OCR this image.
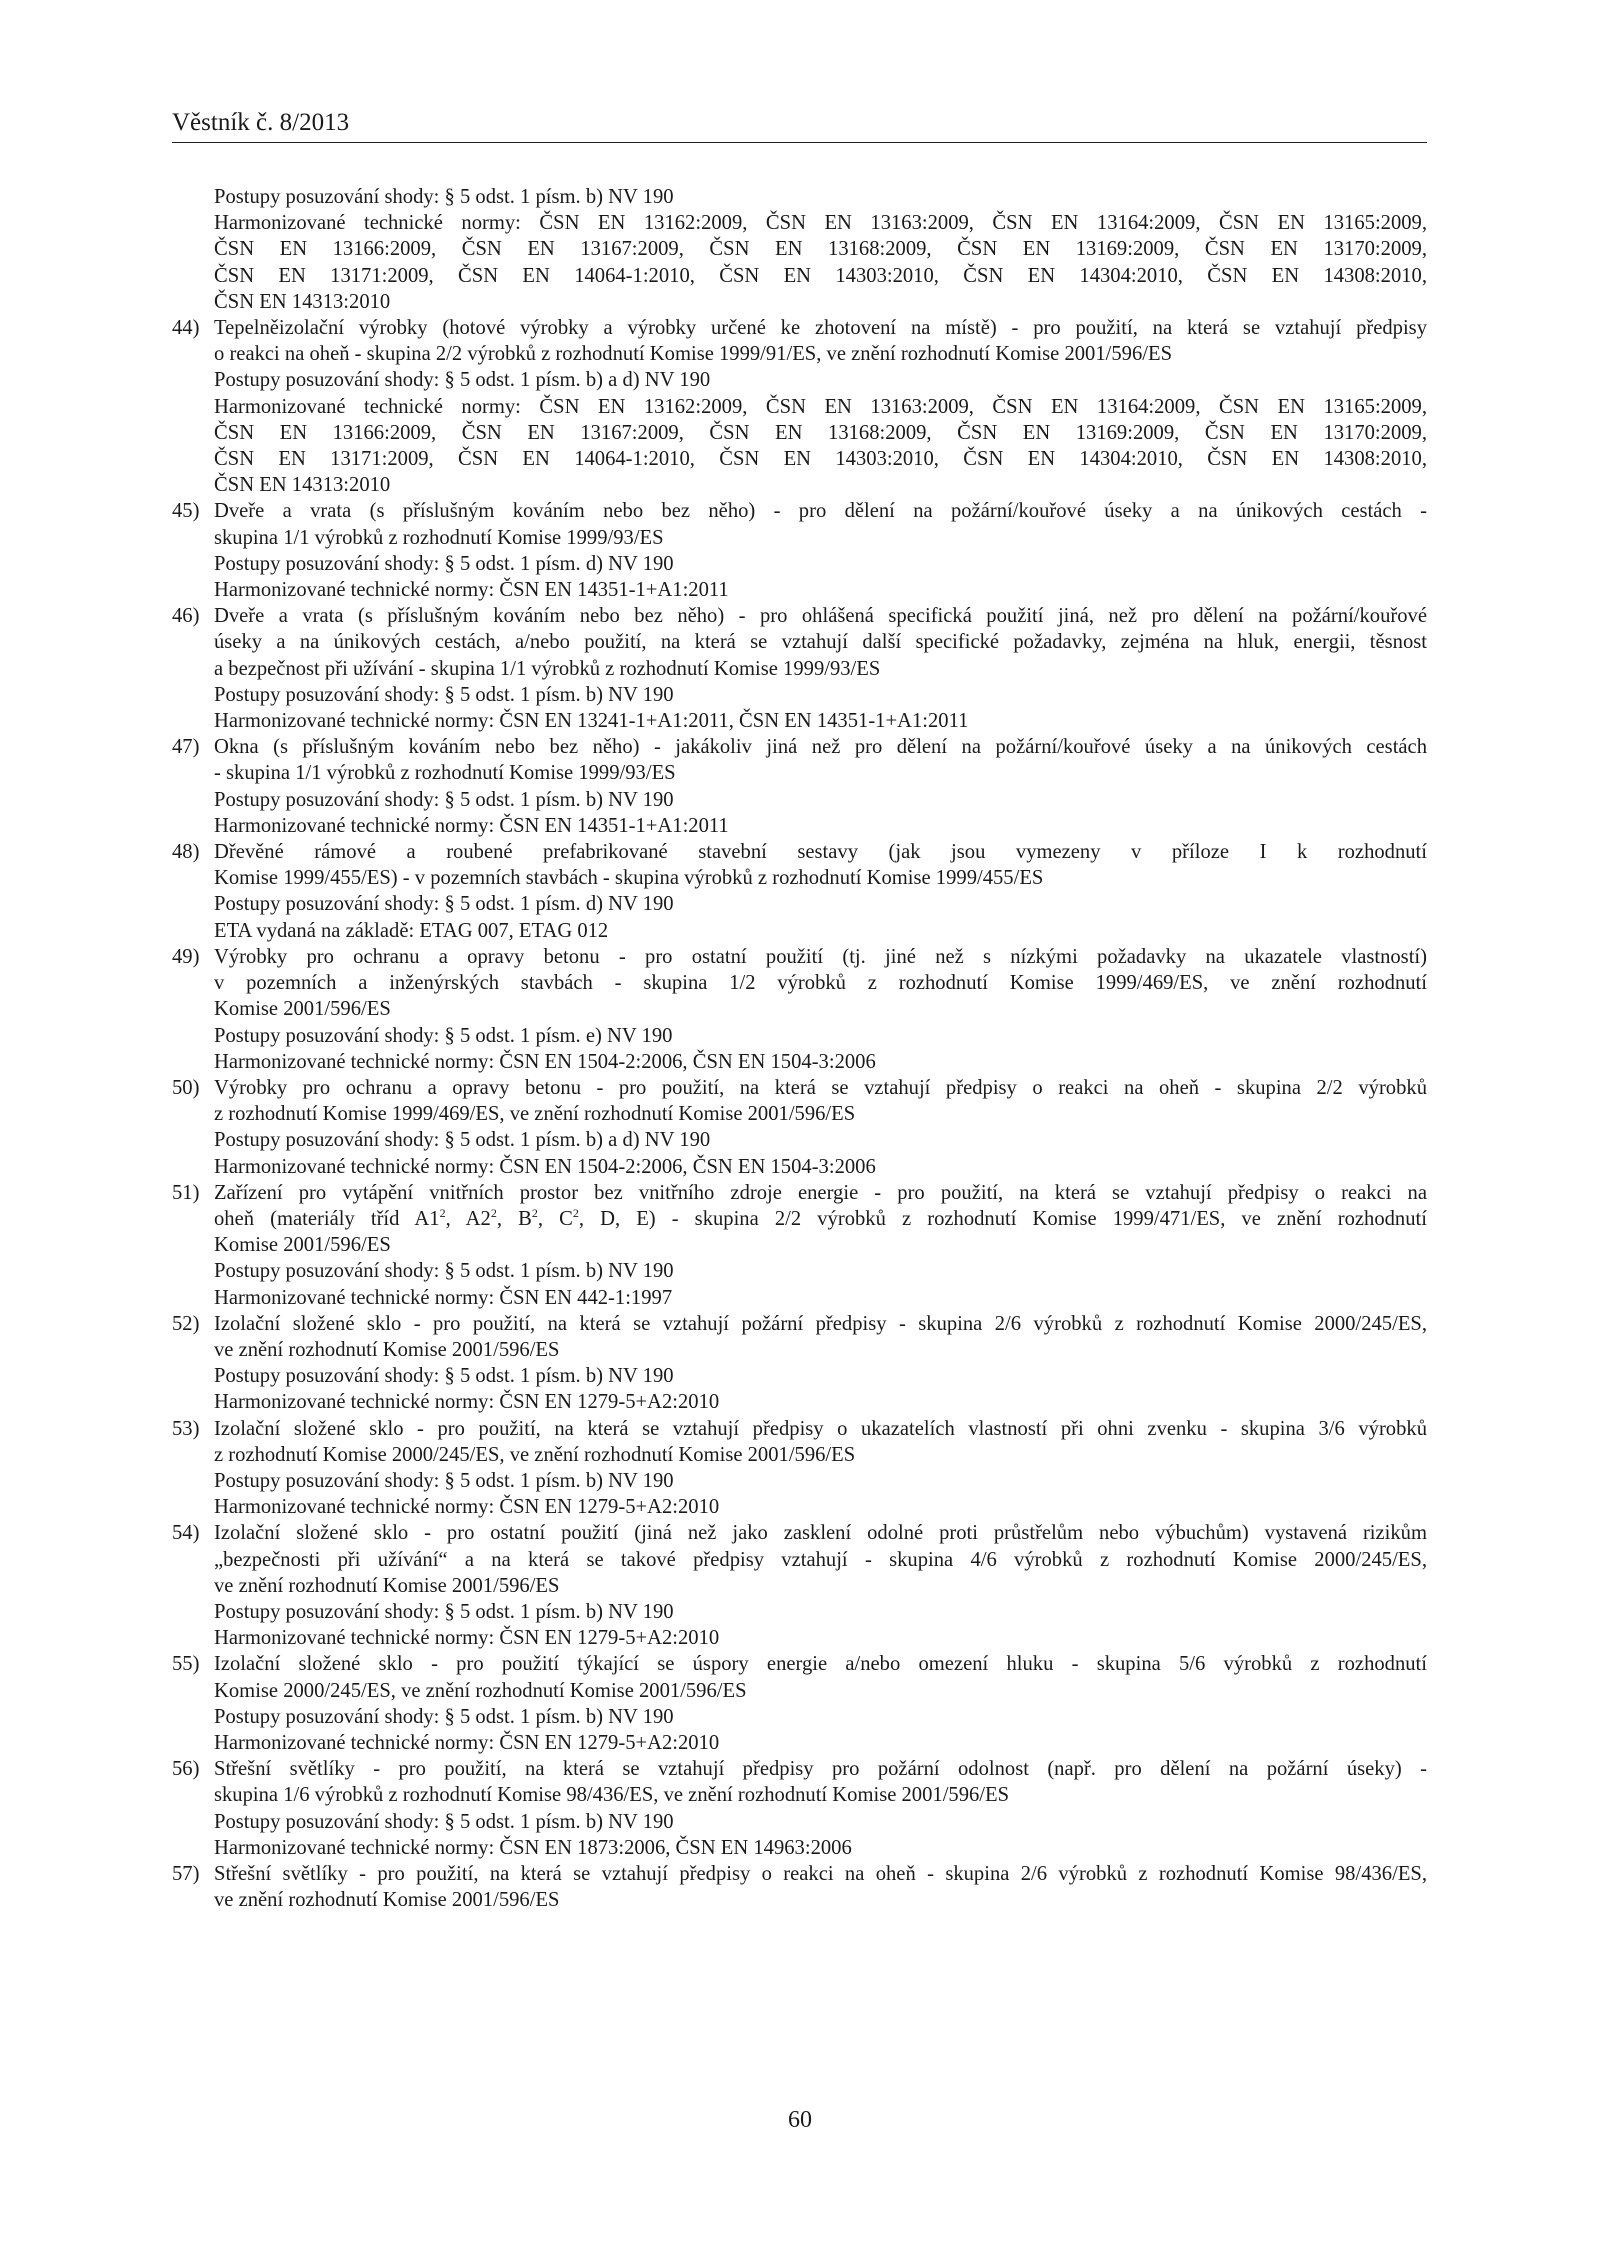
Věstník č. 8/2013
Postupy posuzování shody: § 5 odst. 1 písm. b) NV 190
Harmonizované technické normy: ČSN EN 13162:2009, ČSN EN 13163:2009, ČSN EN 13164:2009, ČSN EN 13165:2009,
ČSN EN 13166:2009, ČSN EN 13167:2009, ČSN EN 13168:2009, ČSN EN 13169:2009, ČSN EN 13170:2009,
ČSN EN 13171:2009, ČSN EN 14064-1:2010, ČSN EN 14303:2010, ČSN EN 14304:2010, ČSN EN 14308:2010,
ČSN EN 14313:2010
44) Tepelněizolační výrobky (hotové výrobky a výrobky určené ke zhotovení na místě) - pro použití, na která se vztahují předpisy
o reakci na oheň - skupina 2/2 výrobků z rozhodnutí Komise 1999/91/ES, ve znění rozhodnutí Komise 2001/596/ES
Postupy posuzování shody: § 5 odst. 1 písm. b) a d) NV 190
Harmonizované technické normy: ČSN EN 13162:2009, ČSN EN 13163:2009, ČSN EN 13164:2009, ČSN EN 13165:2009,
ČSN EN 13166:2009, ČSN EN 13167:2009, ČSN EN 13168:2009, ČSN EN 13169:2009, ČSN EN 13170:2009,
ČSN EN 13171:2009, ČSN EN 14064-1:2010, ČSN EN 14303:2010, ČSN EN 14304:2010, ČSN EN 14308:2010,
ČSN EN 14313:2010
45) Dveře a vrata (s příslušným kováním nebo bez něho) - pro dělení na požární/kouřové úseky a na únikových cestách -
skupina 1/1 výrobků z rozhodnutí Komise 1999/93/ES
Postupy posuzování shody: § 5 odst. 1 písm. d) NV 190
Harmonizované technické normy: ČSN EN 14351-1+A1:2011
46) Dveře a vrata (s příslušným kováním nebo bez něho) - pro ohlášená specifická použití jiná, než pro dělení na požární/kouřové
úseky a na únikových cestách, a/nebo použití, na která se vztahují další specifické požadavky, zejména na hluk, energii, těsnost
a bezpečnost při užívání - skupina 1/1 výrobků z rozhodnutí Komise 1999/93/ES
Postupy posuzování shody: § 5 odst. 1 písm. b) NV 190
Harmonizované technické normy: ČSN EN 13241-1+A1:2011, ČSN EN 14351-1+A1:2011
47) Okna (s příslušným kováním nebo bez něho) - jakákoliv jiná než pro dělení na požární/kouřové úseky a na únikových cestách
- skupina 1/1 výrobků z rozhodnutí Komise 1999/93/ES
Postupy posuzování shody: § 5 odst. 1 písm. b) NV 190
Harmonizované technické normy: ČSN EN 14351-1+A1:2011
48) Dřevěné rámové a roubené prefabrikované stavební sestavy (jak jsou vymezeny v příloze I k rozhodnutí
Komise 1999/455/ES) - v pozemních stavbách - skupina výrobků z rozhodnutí Komise 1999/455/ES
Postupy posuzování shody: § 5 odst. 1 písm. d) NV 190
ETA vydaná na základě: ETAG 007, ETAG 012
49) Výrobky pro ochranu a opravy betonu - pro ostatní použití (tj. jiné než s nízkými požadavky na ukazatele vlastností)
v pozemních a inženýrských stavbách - skupina 1/2 výrobků z rozhodnutí Komise 1999/469/ES, ve znění rozhodnutí
Komise 2001/596/ES
Postupy posuzování shody: § 5 odst. 1 písm. e) NV 190
Harmonizované technické normy: ČSN EN 1504-2:2006, ČSN EN 1504-3:2006
50) Výrobky pro ochranu a opravy betonu - pro použití, na která se vztahují předpisy o reakci na oheň - skupina 2/2 výrobků
z rozhodnutí Komise 1999/469/ES, ve znění rozhodnutí Komise 2001/596/ES
Postupy posuzování shody: § 5 odst. 1 písm. b) a d) NV 190
Harmonizované technické normy: ČSN EN 1504-2:2006, ČSN EN 1504-3:2006
51) Zařízení pro vytápění vnitřních prostor bez vnitřního zdroje energie - pro použití, na která se vztahují předpisy o reakci na
oheň (materiály tříd $A1^2$, $A2^2$, $B^2$, $C^2$, D, E) - skupina 2/2 výrobků z rozhodnutí Komise 1999/471/ES, ve znění rozhodnutí
Komise 2001/596/ES
Postupy posuzování shody: § 5 odst. 1 písm. b) NV 190
Harmonizované technické normy: ČSN EN 442-1:1997
52) Izolační složené sklo - pro použití, na která se vztahují požární předpisy - skupina 2/6 výrobků z rozhodnutí Komise 2000/245/ES,
ve znění rozhodnutí Komise 2001/596/ES
Postupy posuzování shody: § 5 odst. 1 písm. b) NV 190
Harmonizované technické normy: ČSN EN 1279-5+A2:2010
53) Izolační složené sklo - pro použití, na která se vztahují předpisy o ukazatelích vlastností při ohni zvenku - skupina 3/6 výrobků
z rozhodnutí Komise 2000/245/ES, ve znění rozhodnutí Komise 2001/596/ES
Postupy posuzování shody: § 5 odst. 1 písm. b) NV 190
Harmonizované technické normy: ČSN EN 1279-5+A2:2010
54) Izolační složené sklo - pro ostatní použití (jiná než jako zasklení odolné proti průstřelům nebo výbuchům) vystavená rizikům
„bezpečnosti při užívání“ a na která se takové předpisy vztahují - skupina 4/6 výrobků z rozhodnutí Komise 2000/245/ES,
ve znění rozhodnutí Komise 2001/596/ES
Postupy posuzování shody: § 5 odst. 1 písm. b) NV 190
Harmonizované technické normy: ČSN EN 1279-5+A2:2010
55) Izolační složené sklo - pro použití týkající se úspory energie a/nebo omezení hluku - skupina 5/6 výrobků z rozhodnutí
Komise 2000/245/ES, ve znění rozhodnutí Komise 2001/596/ES
Postupy posuzování shody: § 5 odst. 1 písm. b) NV 190
Harmonizované technické normy: ČSN EN 1279-5+A2:2010
56) Střešní světlíky - pro použití, na která se vztahují předpisy pro požární odolnost (např. pro dělení na požární úseky) -
skupina 1/6 výrobků z rozhodnutí Komise 98/436/ES, ve znění rozhodnutí Komise 2001/596/ES
Postupy posuzování shody: § 5 odst. 1 písm. b) NV 190
Harmonizované technické normy: ČSN EN 1873:2006, ČSN EN 14963:2006
57) Střešní světlíky - pro použití, na která se vztahují předpisy o reakci na oheň - skupina 2/6 výrobků z rozhodnutí Komise 98/436/ES,
ve znění rozhodnutí Komise 2001/596/ES
60
